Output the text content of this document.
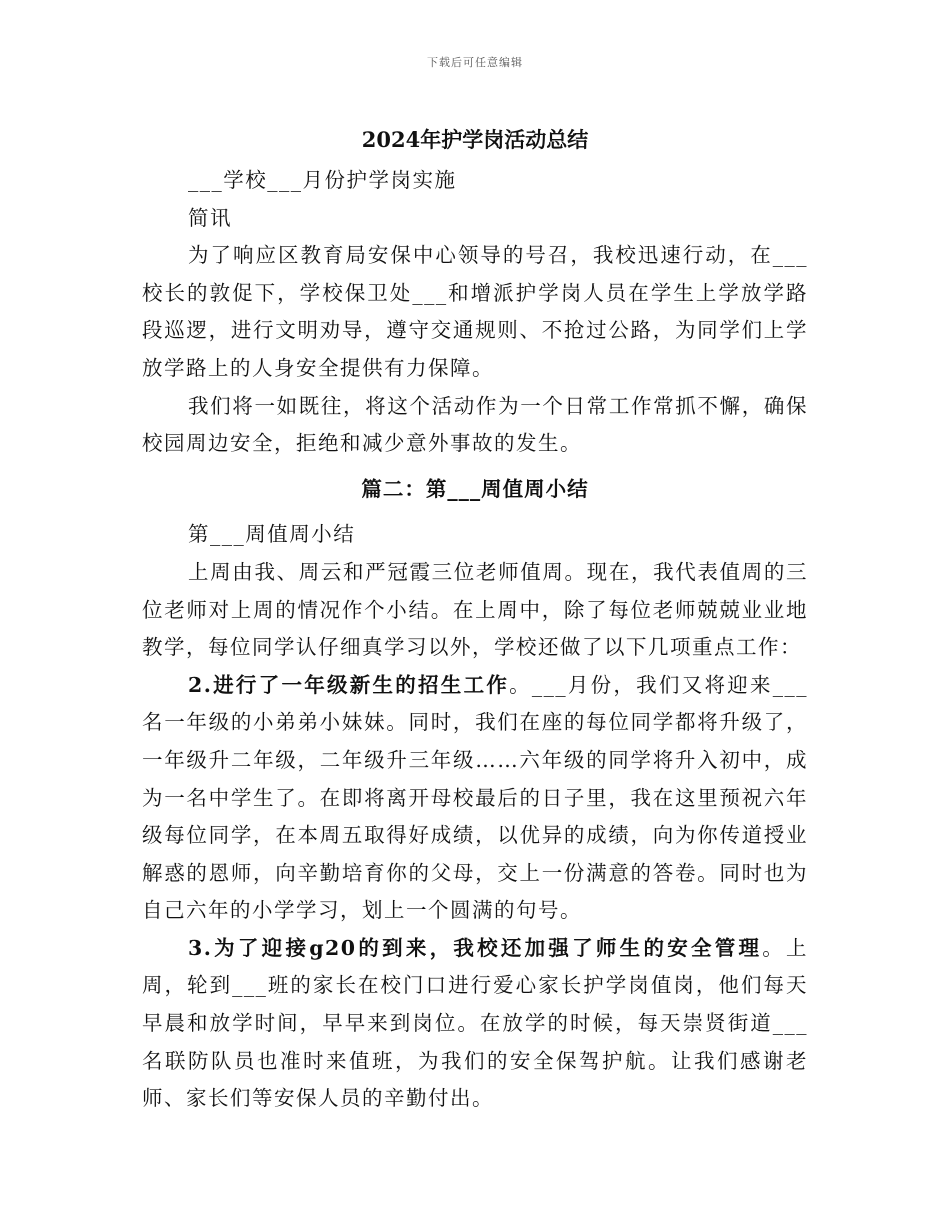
下载后可任意编辑
2024年护学岗活动总结

___学校___月份护学岗实施

简讯

为了响应区教育局安保中心领导的号召，我校迅速行动，在___校长的敦促下，学校保卫处___和增派护学岗人员在学生上学放学路段巡逻，进行文明劝导，遵守交通规则、不抢过公路，为同学们上学放学路上的人身安全提供有力保障。

我们将一如既往，将这个活动作为一个日常工作常抓不懈，确保校园周边安全，拒绝和减少意外事故的发生。

篇二：第___周值周小结

第___周值周小结

上周由我、周云和严冠霞三位老师值周。现在，我代表值周的三位老师对上周的情况作个小结。在上周中，除了每位老师兢兢业业地教学，每位同学认仔细真学习以外，学校还做了以下几项重点工作：

2.进行了一年级新生的招生工作。___月份，我们又将迎来___名一年级的小弟弟小妹妹。同时，我们在座的每位同学都将升级了，一年级升二年级，二年级升三年级……六年级的同学将升入初中，成为一名中学生了。在即将离开母校最后的日子里，我在这里预祝六年级每位同学，在本周五取得好成绩，以优异的成绩，向为你传道授业解惑的恩师，向辛勤培育你的父母，交上一份满意的答卷。同时也为自己六年的小学学习，划上一个圆满的句号。

3.为了迎接g20的到来，我校还加强了师生的安全管理。上周，轮到___班的家长在校门口进行爱心家长护学岗值岗，他们每天早晨和放学时间，早早来到岗位。在放学的时候，每天崇贤街道___名联防队员也准时来值班，为我们的安全保驾护航。让我们感谢老师、家长们等安保人员的辛勤付出。
